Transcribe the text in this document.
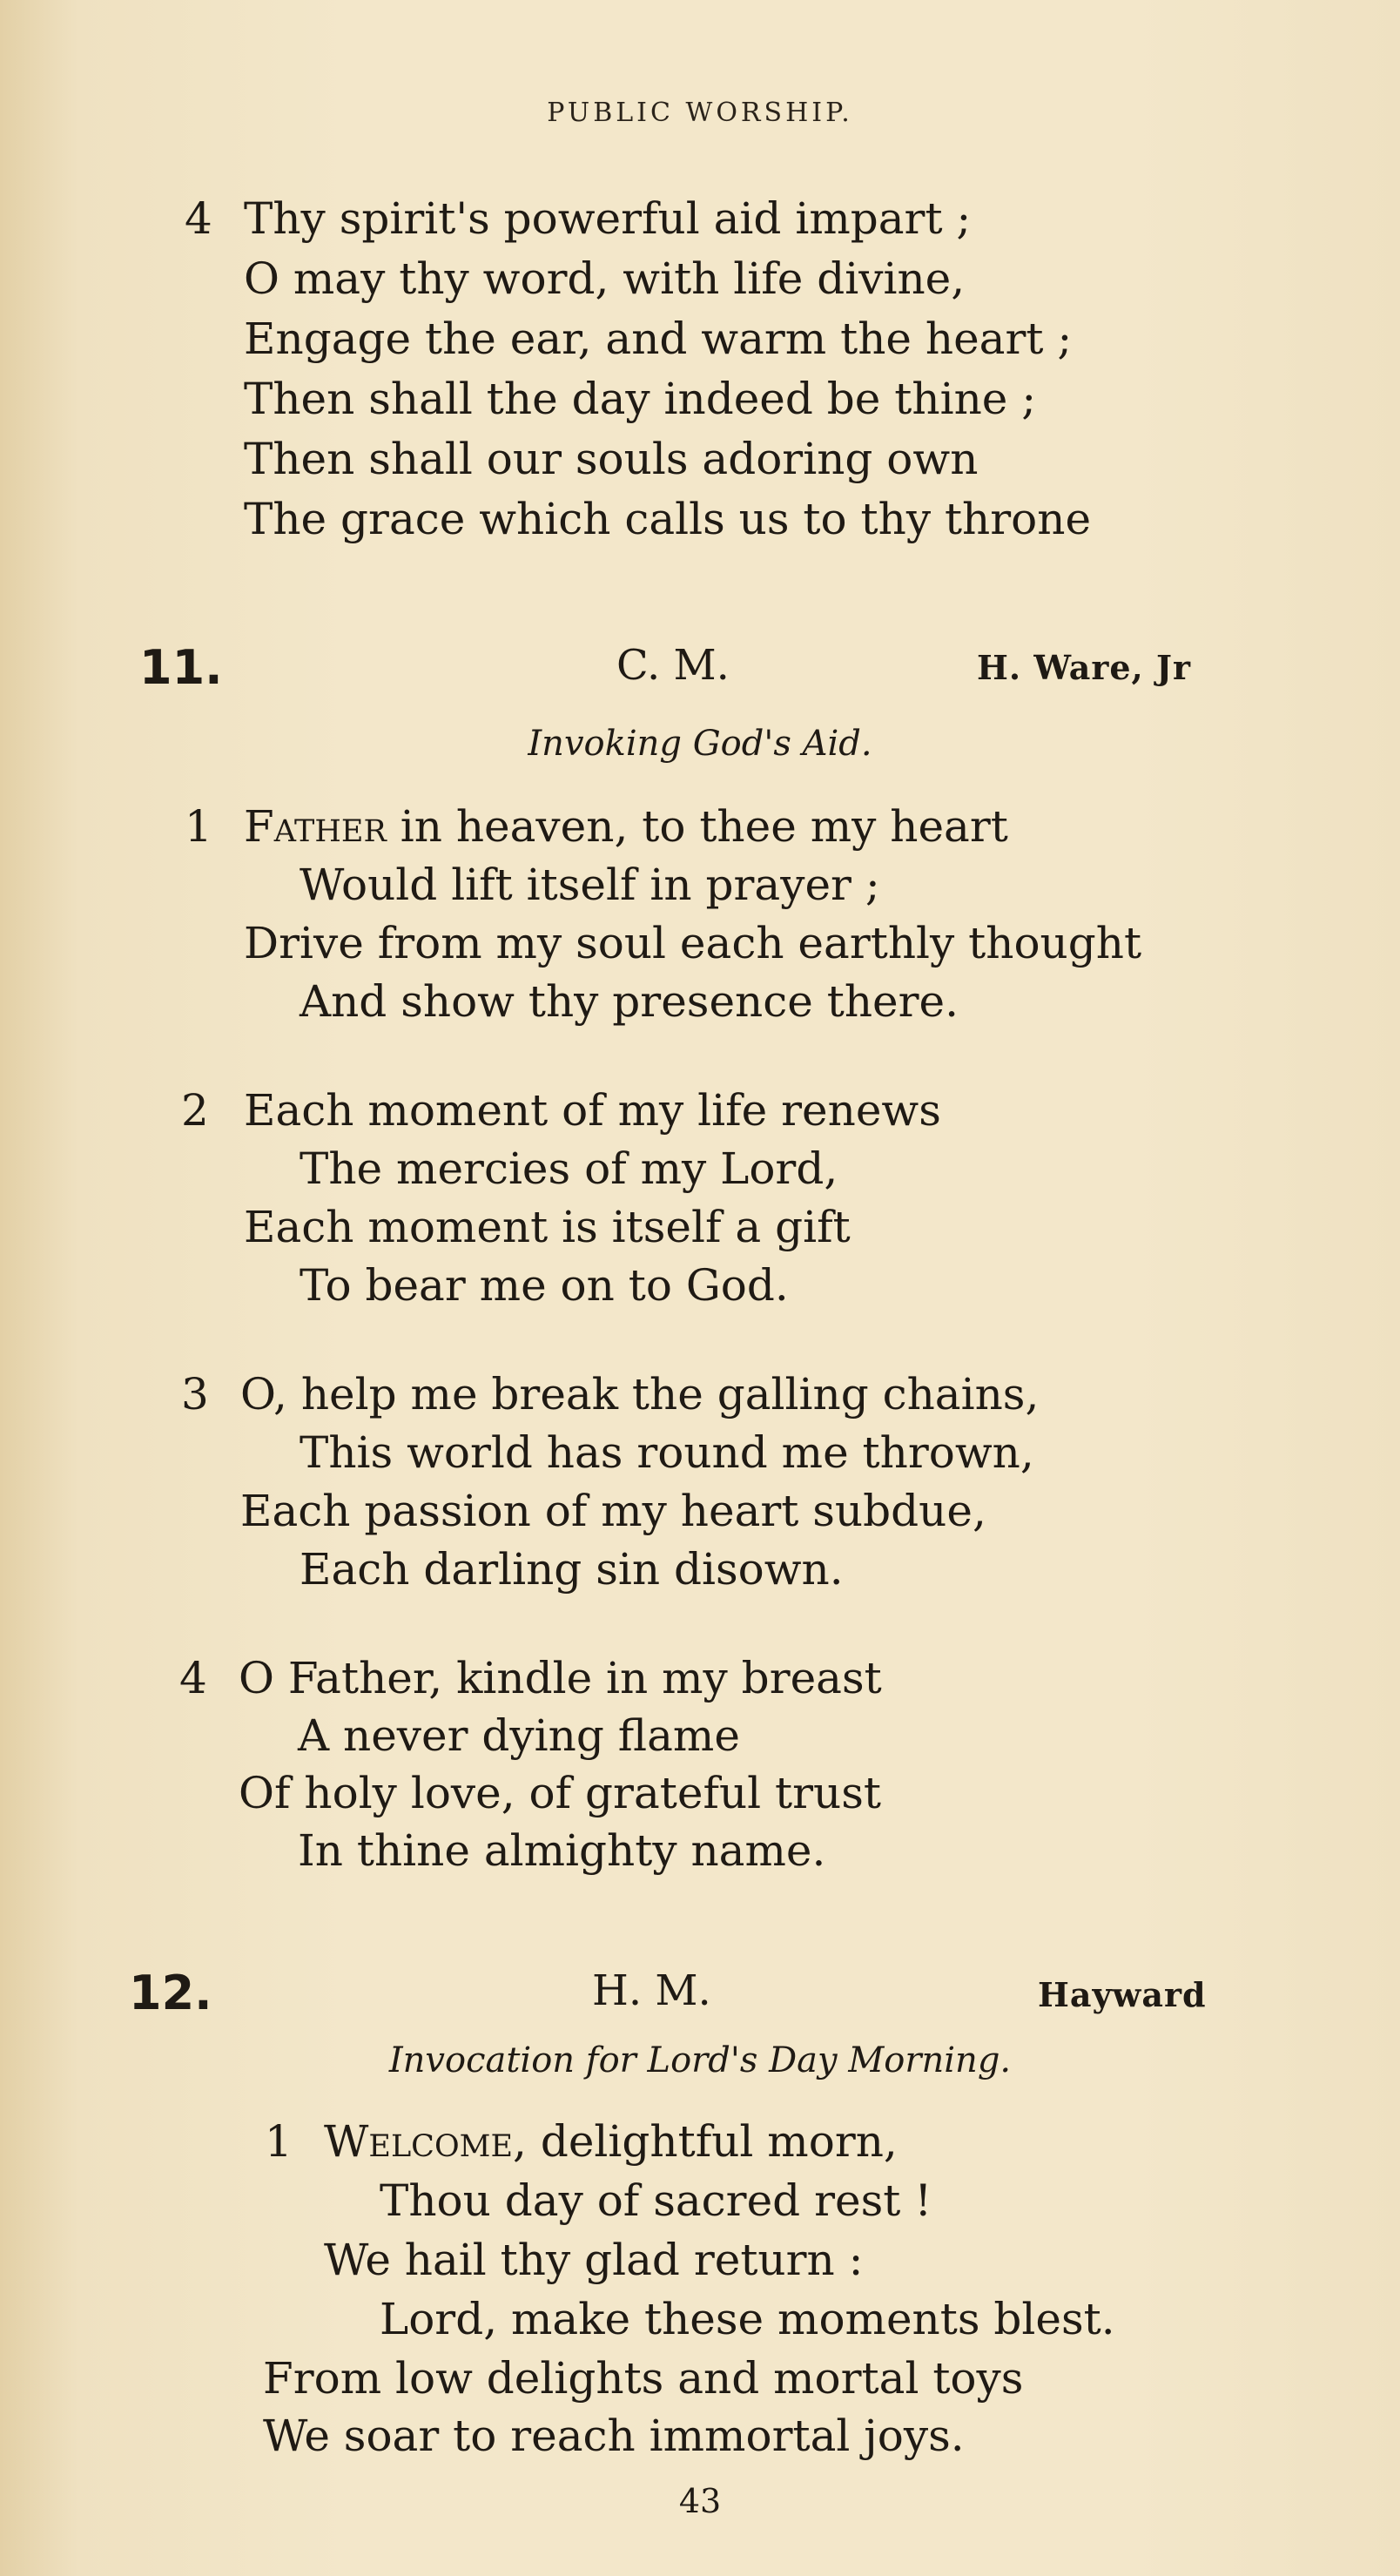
PUBLIC WORSHIP.
4 Thy spirit's powerful aid impart ;
O may thy word, with life divine,
Engage the ear, and warm the heart ;
Then shall the day indeed be thine ;
Then shall our souls adoring own
The grace which calls us to thy throne
11.	C. M.	H. Ware, Jr
Invoking God's Aid.
1 Father in heaven, to thee my heart
Would lift itself in prayer ;
Drive from my soul each earthly thought
And show thy presence there.
2 Each moment of my life renews
The mercies of my Lord,
Each moment is itself a gift
To bear me on to God.
3 O, help me break the galling chains,
This world has round me thrown,
Each passion of my heart subdue,
Each darling sin disown.
4 O Father, kindle in my breast
A never dying flame
Of holy love, of grateful trust
In thine almighty name.
12.	H. M.	Hayward
Invocation for Lord's Day Morning.
1 Welcome, delightful morn,
Thou day of sacred rest !
We hail thy glad return :
Lord, make these moments blest.
From low delights and mortal toys
We soar to reach immortal joys.
43
